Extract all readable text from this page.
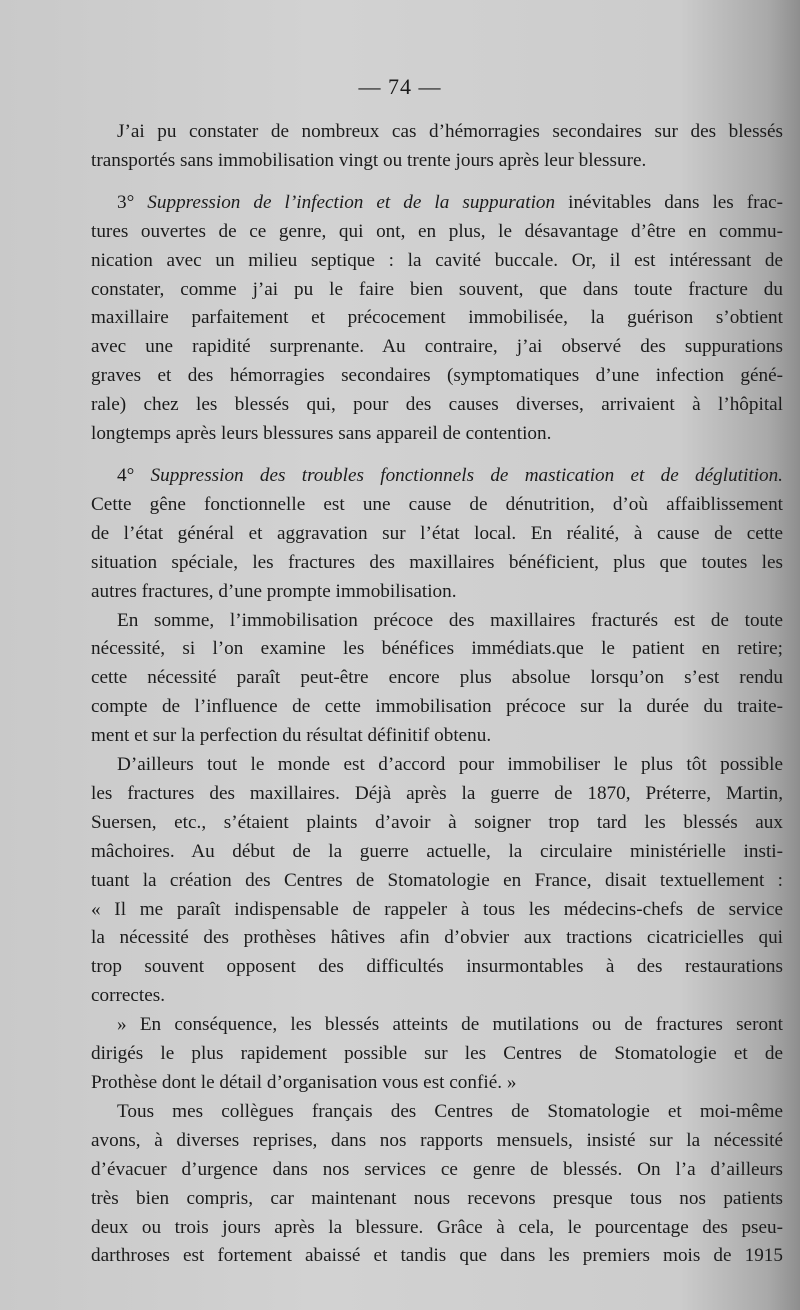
— 74 —
J’ai pu constater de nombreux cas d’hémorragies secondaires sur des blessés
transportés sans immobilisation vingt ou trente jours après leur blessure.
3° Suppression de l’infection et de la suppuration inévitables dans les frac-
tures ouvertes de ce genre, qui ont, en plus, le désavantage d’être en commu-
nication avec un milieu septique : la cavité buccale. Or, il est intéressant de
constater, comme j’ai pu le faire bien souvent, que dans toute fracture du
maxillaire parfaitement et précocement immobilisée, la guérison s’obtient
avec une rapidité surprenante. Au contraire, j’ai observé des suppurations
graves et des hémorragies secondaires (symptomatiques d’une infection géné-
rale) chez les blessés qui, pour des causes diverses, arrivaient à l’hôpital
longtemps après leurs blessures sans appareil de contention.
4° Suppression des troubles fonctionnels de mastication et de déglutition.
Cette gêne fonctionnelle est une cause de dénutrition, d’où affaiblissement
de l’état général et aggravation sur l’état local. En réalité, à cause de cette
situation spéciale, les fractures des maxillaires bénéficient, plus que toutes les
autres fractures, d’une prompte immobilisation.
En somme, l’immobilisation précoce des maxillaires fracturés est de toute
nécessité, si l’on examine les bénéfices immédiats.que le patient en retire;
cette nécessité paraît peut-être encore plus absolue lorsqu’on s’est rendu
compte de l’influence de cette immobilisation précoce sur la durée du traite-
ment et sur la perfection du résultat définitif obtenu.
D’ailleurs tout le monde est d’accord pour immobiliser le plus tôt possible
les fractures des maxillaires. Déjà après la guerre de 1870, Préterre, Martin,
Suersen, etc., s’étaient plaints d’avoir à soigner trop tard les blessés aux
mâchoires. Au début de la guerre actuelle, la circulaire ministérielle insti-
tuant la création des Centres de Stomatologie en France, disait textuellement :
« Il me paraît indispensable de rappeler à tous les médecins-chefs de service
la nécessité des prothèses hâtives afin d’obvier aux tractions cicatricielles qui
trop souvent opposent des difficultés insurmontables à des restaurations
correctes.
» En conséquence, les blessés atteints de mutilations ou de fractures seront
dirigés le plus rapidement possible sur les Centres de Stomatologie et de
Prothèse dont le détail d’organisation vous est confié. »
Tous mes collègues français des Centres de Stomatologie et moi-même
avons, à diverses reprises, dans nos rapports mensuels, insisté sur la nécessité
d’évacuer d’urgence dans nos services ce genre de blessés. On l’a d’ailleurs
très bien compris, car maintenant nous recevons presque tous nos patients
deux ou trois jours après la blessure. Grâce à cela, le pourcentage des pseu-
darthroses est fortement abaissé et tandis que dans les premiers mois de 1915
